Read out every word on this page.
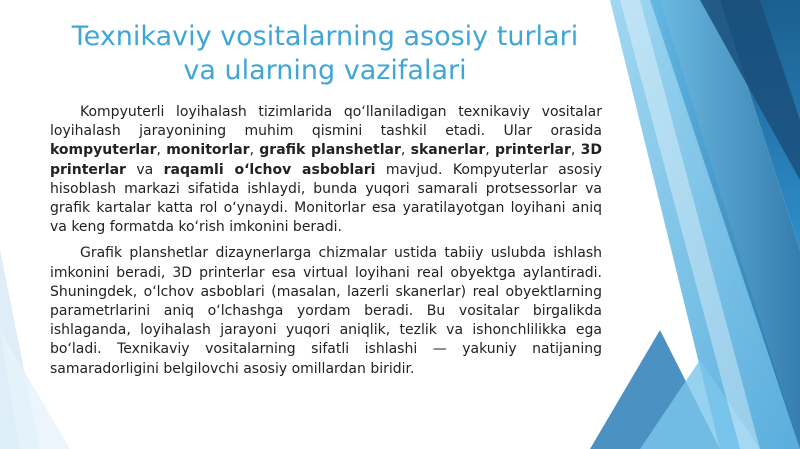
Texnikaviy vositalarning asosiy turlari
va ularning vazifalari

Kompyuterli loyihalash tizimlarida qo‘llaniladigan texnikaviy vositalar loyihalash jarayonining muhim qismini tashkil etadi. Ular orasida kompyuterlar, monitorlar, grafik planshetlar, skanerlar, printerlar, 3D printerlar va raqamli o‘lchov asboblari mavjud. Kompyuterlar asosiy hisoblash markazi sifatida ishlaydi, bunda yuqori samarali protsessorlar va grafik kartalar katta rol o‘ynaydi. Monitorlar esa yaratilayotgan loyihani aniq va keng formatda ko‘rish imkonini beradi.

Grafik planshetlar dizaynerlarga chizmalar ustida tabiiy uslubda ishlash imkonini beradi, 3D printerlar esa virtual loyihani real obyektga aylantiradi. Shuningdek, o‘lchov asboblari (masalan, lazerli skanerlar) real obyektlarning parametrlarini aniq o‘lchashga yordam beradi. Bu vositalar birgalikda ishlaganda, loyihalash jarayoni yuqori aniqlik, tezlik va ishonchlilikka ega bo‘ladi. Texnikaviy vositalarning sifatli ishlashi — yakuniy natijaning samaradorligini belgilovchi asosiy omillardan biridir.
